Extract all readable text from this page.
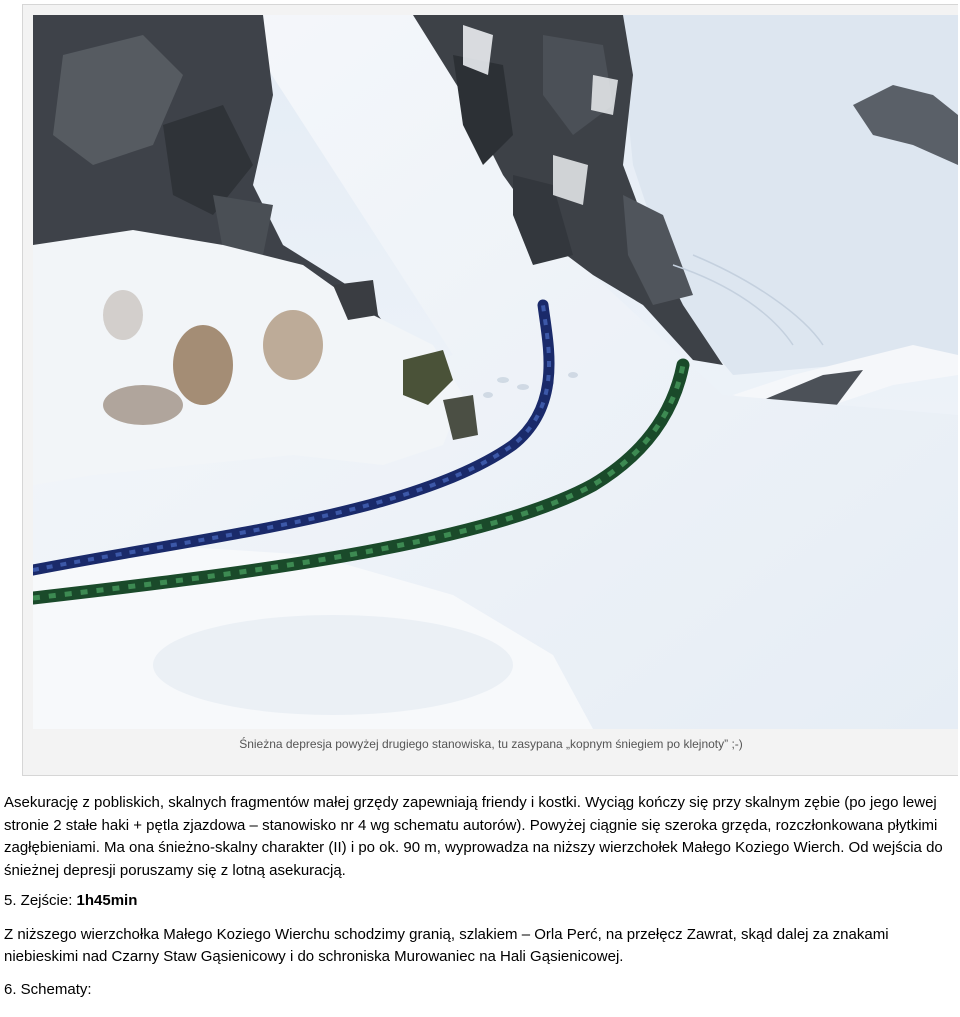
Śnieżna depresja powyżej drugiego stanowiska, tu zasypana „kopnym śniegiem po klejnoty” ;-)

Asekurację z pobliskich, skalnych fragmentów małej grzędy zapewniają friendy i kostki. Wyciąg kończy się przy skalnym zębie (po jego lewej stronie 2 stałe haki + pętla zjazdowa – stanowisko nr 4 wg schematu autorów). Powyżej ciągnie się szeroka grzęda, rozczłonkowana płytkimi zagłębieniami. Ma ona śnieżno-skalny charakter (II) i po ok. 90 m, wyprowadza na niższy wierzchołek Małego Koziego Wierch. Od wejścia do śnieżnej depresji poruszamy się z lotną asekuracją.

5. Zejście: 1h45min

Z niższego wierzchołka Małego Koziego Wierchu schodzimy granią, szlakiem – Orla Perć, na przełęcz Zawrat, skąd dalej za znakami niebieskimi nad Czarny Staw Gąsienicowy i do schroniska Murowaniec na Hali Gąsienicowej.

6. Schematy:
